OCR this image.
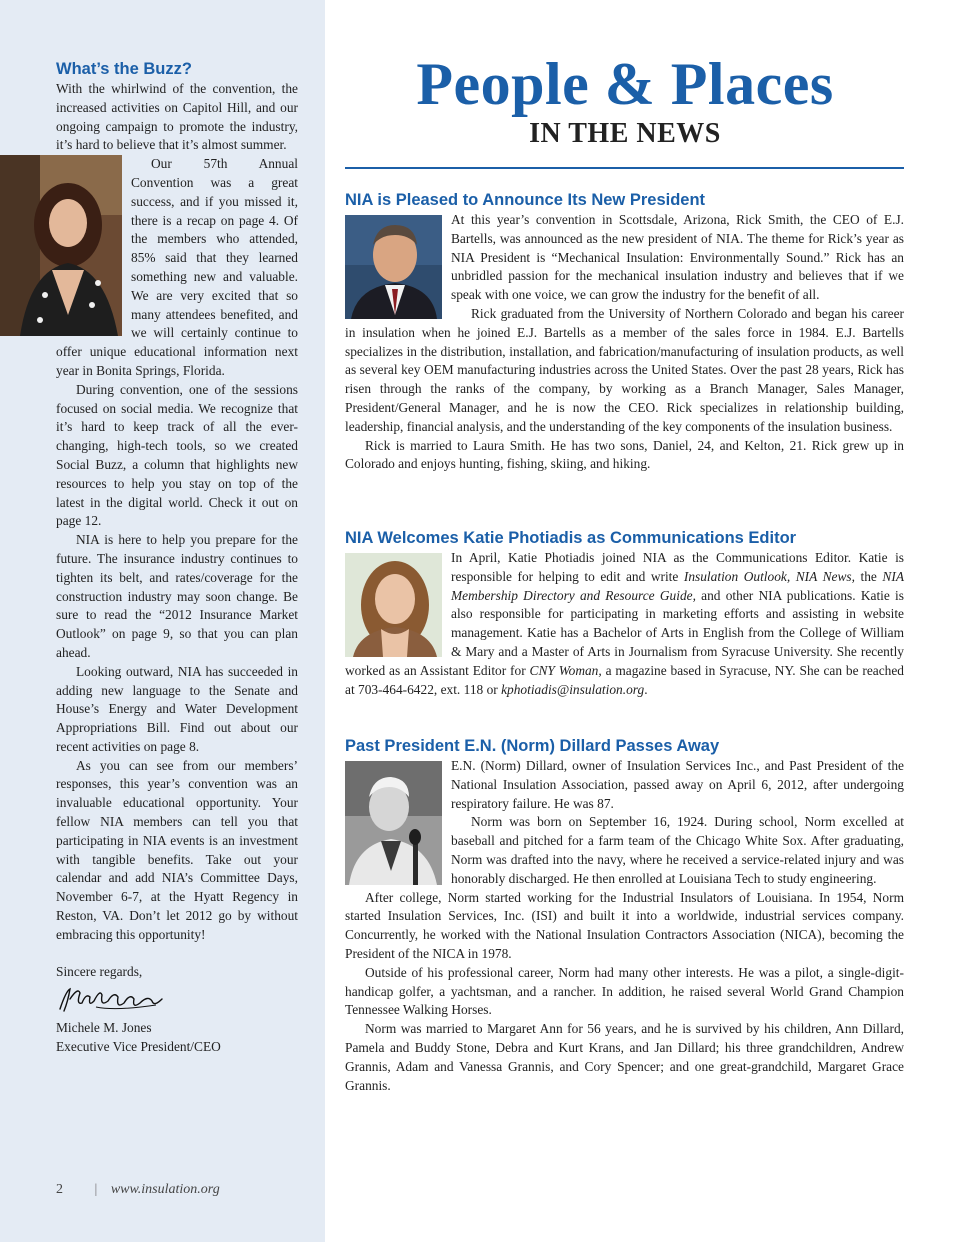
What’s the Buzz?

With the whirlwind of the convention, the increased activities on Capitol Hill, and our ongoing campaign to promote the industry, it’s hard to believe that it’s almost summer.

Our 57th Annual Convention was a great success, and if you missed it, there is a recap on page 4. Of the members who attended, 85% said that they learned something new and valuable. We are very excited that so many attendees benefited, and we will certainly continue to offer unique educational information next year in Bonita Springs, Florida.

During convention, one of the sessions focused on social media. We recognize that it’s hard to keep track of all the ever-changing, high-tech tools, so we created Social Buzz, a column that highlights new resources to help you stay on top of the latest in the digital world. Check it out on page 12.

NIA is here to help you prepare for the future. The insurance industry continues to tighten its belt, and rates/coverage for the construction industry may soon change. Be sure to read the “2012 Insurance Market Outlook” on page 9, so that you can plan ahead.

Looking outward, NIA has succeeded in adding new language to the Senate and House’s Energy and Water Development Appropriations Bill. Find out about our recent activities on page 8.

As you can see from our members’ responses, this year’s convention was an invaluable educational opportunity. Your fellow NIA members can tell you that participating in NIA events is an investment with tangible benefits. Take out your calendar and add NIA’s Committee Days, November 6-7, at the Hyatt Regency in Reston, VA. Don’t let 2012 go by without embracing this opportunity!

Sincere regards,
Michele M. Jones
Executive Vice President/CEO
2 | www.insulation.org
People & Places
IN THE NEWS
NIA is Pleased to Announce Its New President

At this year’s convention in Scottsdale, Arizona, Rick Smith, the CEO of E.J. Bartells, was announced as the new president of NIA. The theme for Rick’s year as NIA President is “Mechanical Insulation: Environmentally Sound.” Rick has an unbridled passion for the mechanical insulation industry and believes that if we speak with one voice, we can grow the industry for the benefit of all.

Rick graduated from the University of Northern Colorado and began his career in insulation when he joined E.J. Bartells as a member of the sales force in 1984. E.J. Bartells specializes in the distribution, installation, and fabrication/manufacturing of insulation products, as well as several key OEM manufacturing industries across the United States. Over the past 28 years, Rick has risen through the ranks of the company, by working as a Branch Manager, Sales Manager, President/General Manager, and he is now the CEO. Rick specializes in relationship building, leadership, financial analysis, and the understanding of the key components of the insulation business.

Rick is married to Laura Smith. He has two sons, Daniel, 24, and Kelton, 21. Rick grew up in Colorado and enjoys hunting, fishing, skiing, and hiking.

NIA Welcomes Katie Photiadis as Communications Editor

In April, Katie Photiadis joined NIA as the Communications Editor. Katie is responsible for helping to edit and write Insulation Outlook, NIA News, the NIA Membership Directory and Resource Guide, and other NIA publications. Katie is also responsible for participating in marketing efforts and assisting in website management. Katie has a Bachelor of Arts in English from the College of William & Mary and a Master of Arts in Journalism from Syracuse University. She recently worked as an Assistant Editor for CNY Woman, a magazine based in Syracuse, NY. She can be reached at 703-464-6422, ext. 118 or kphotiadis@insulation.org.

Past President E.N. (Norm) Dillard Passes Away

E.N. (Norm) Dillard, owner of Insulation Services Inc., and Past President of the National Insulation Association, passed away on April 6, 2012, after undergoing respiratory failure. He was 87.

Norm was born on September 16, 1924. During school, Norm excelled at baseball and pitched for a farm team of the Chicago White Sox. After graduating, Norm was drafted into the navy, where he received a service-related injury and was honorably discharged. He then enrolled at Louisiana Tech to study engineering.

After college, Norm started working for the Industrial Insulators of Louisiana. In 1954, Norm started Insulation Services, Inc. (ISI) and built it into a worldwide, industrial services company. Concurrently, he worked with the National Insulation Contractors Association (NICA), becoming the President of the NICA in 1978.

Outside of his professional career, Norm had many other interests. He was a pilot, a single-digit-handicap golfer, a yachtsman, and a rancher. In addition, he raised several World Grand Champion Tennessee Walking Horses.

Norm was married to Margaret Ann for 56 years, and he is survived by his children, Ann Dillard, Pamela and Buddy Stone, Debra and Kurt Krans, and Jan Dillard; his three grandchildren, Andrew Grannis, Adam and Vanessa Grannis, and Cory Spencer; and one great-grandchild, Margaret Grace Grannis.
